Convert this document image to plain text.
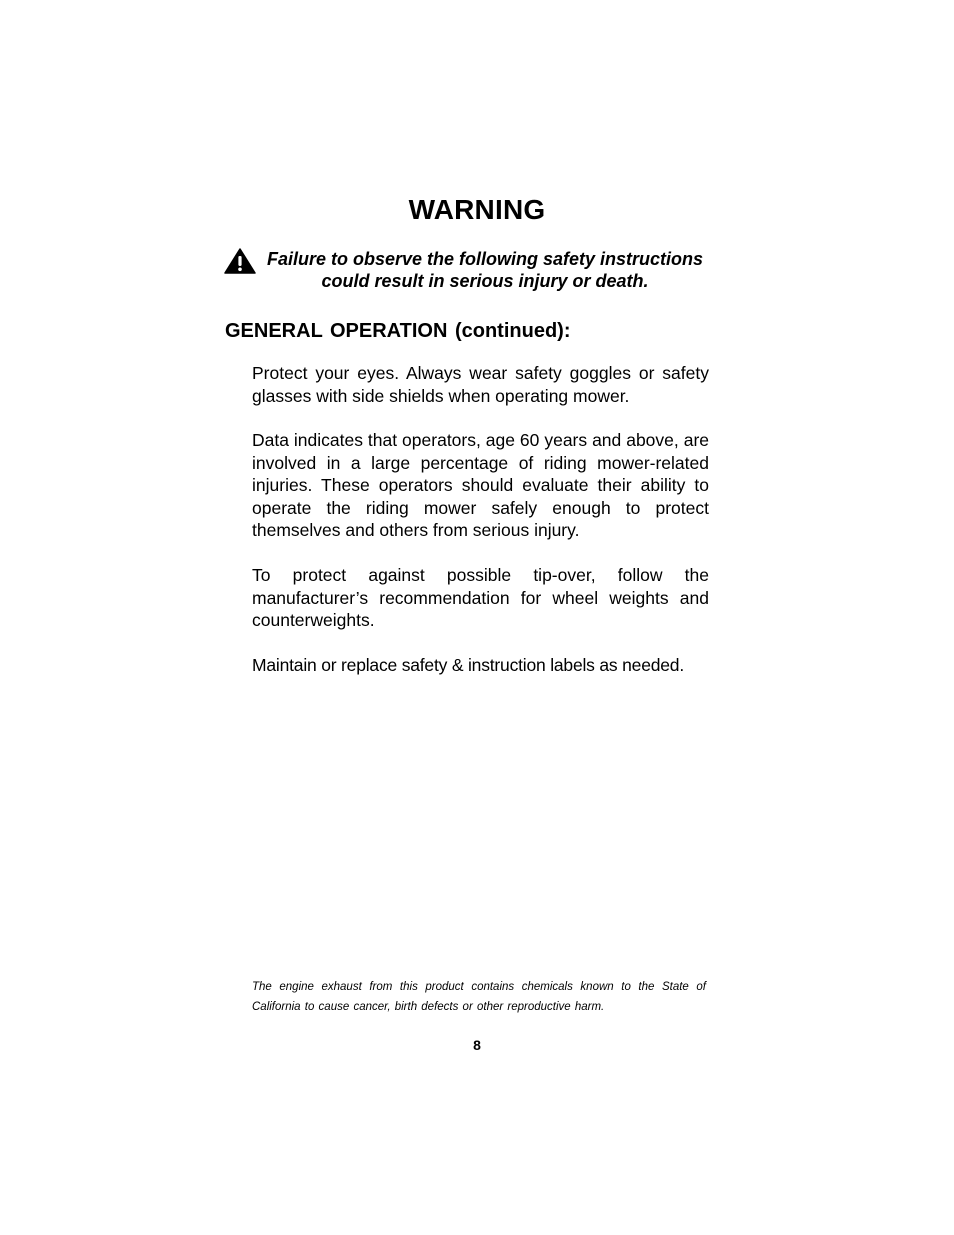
WARNING
Failure to observe the following safety instructions
could result in serious injury or death.
GENERAL OPERATION (continued):

Protect your eyes. Always wear safety goggles or safety glasses with side shields when operating mower.

Data indicates that operators, age 60 years and above, are involved in a large percentage of riding mower-related injuries. These operators should evaluate their ability to operate the riding mower safely enough to protect themselves and others from serious injury.

To protect against possible tip-over, follow the manufacturer’s recommendation for wheel weights and counterweights.

Maintain or replace safety & instruction labels as needed.

The engine exhaust from this product contains chemicals known to the State of California to cause cancer, birth defects or other reproductive harm.

8
